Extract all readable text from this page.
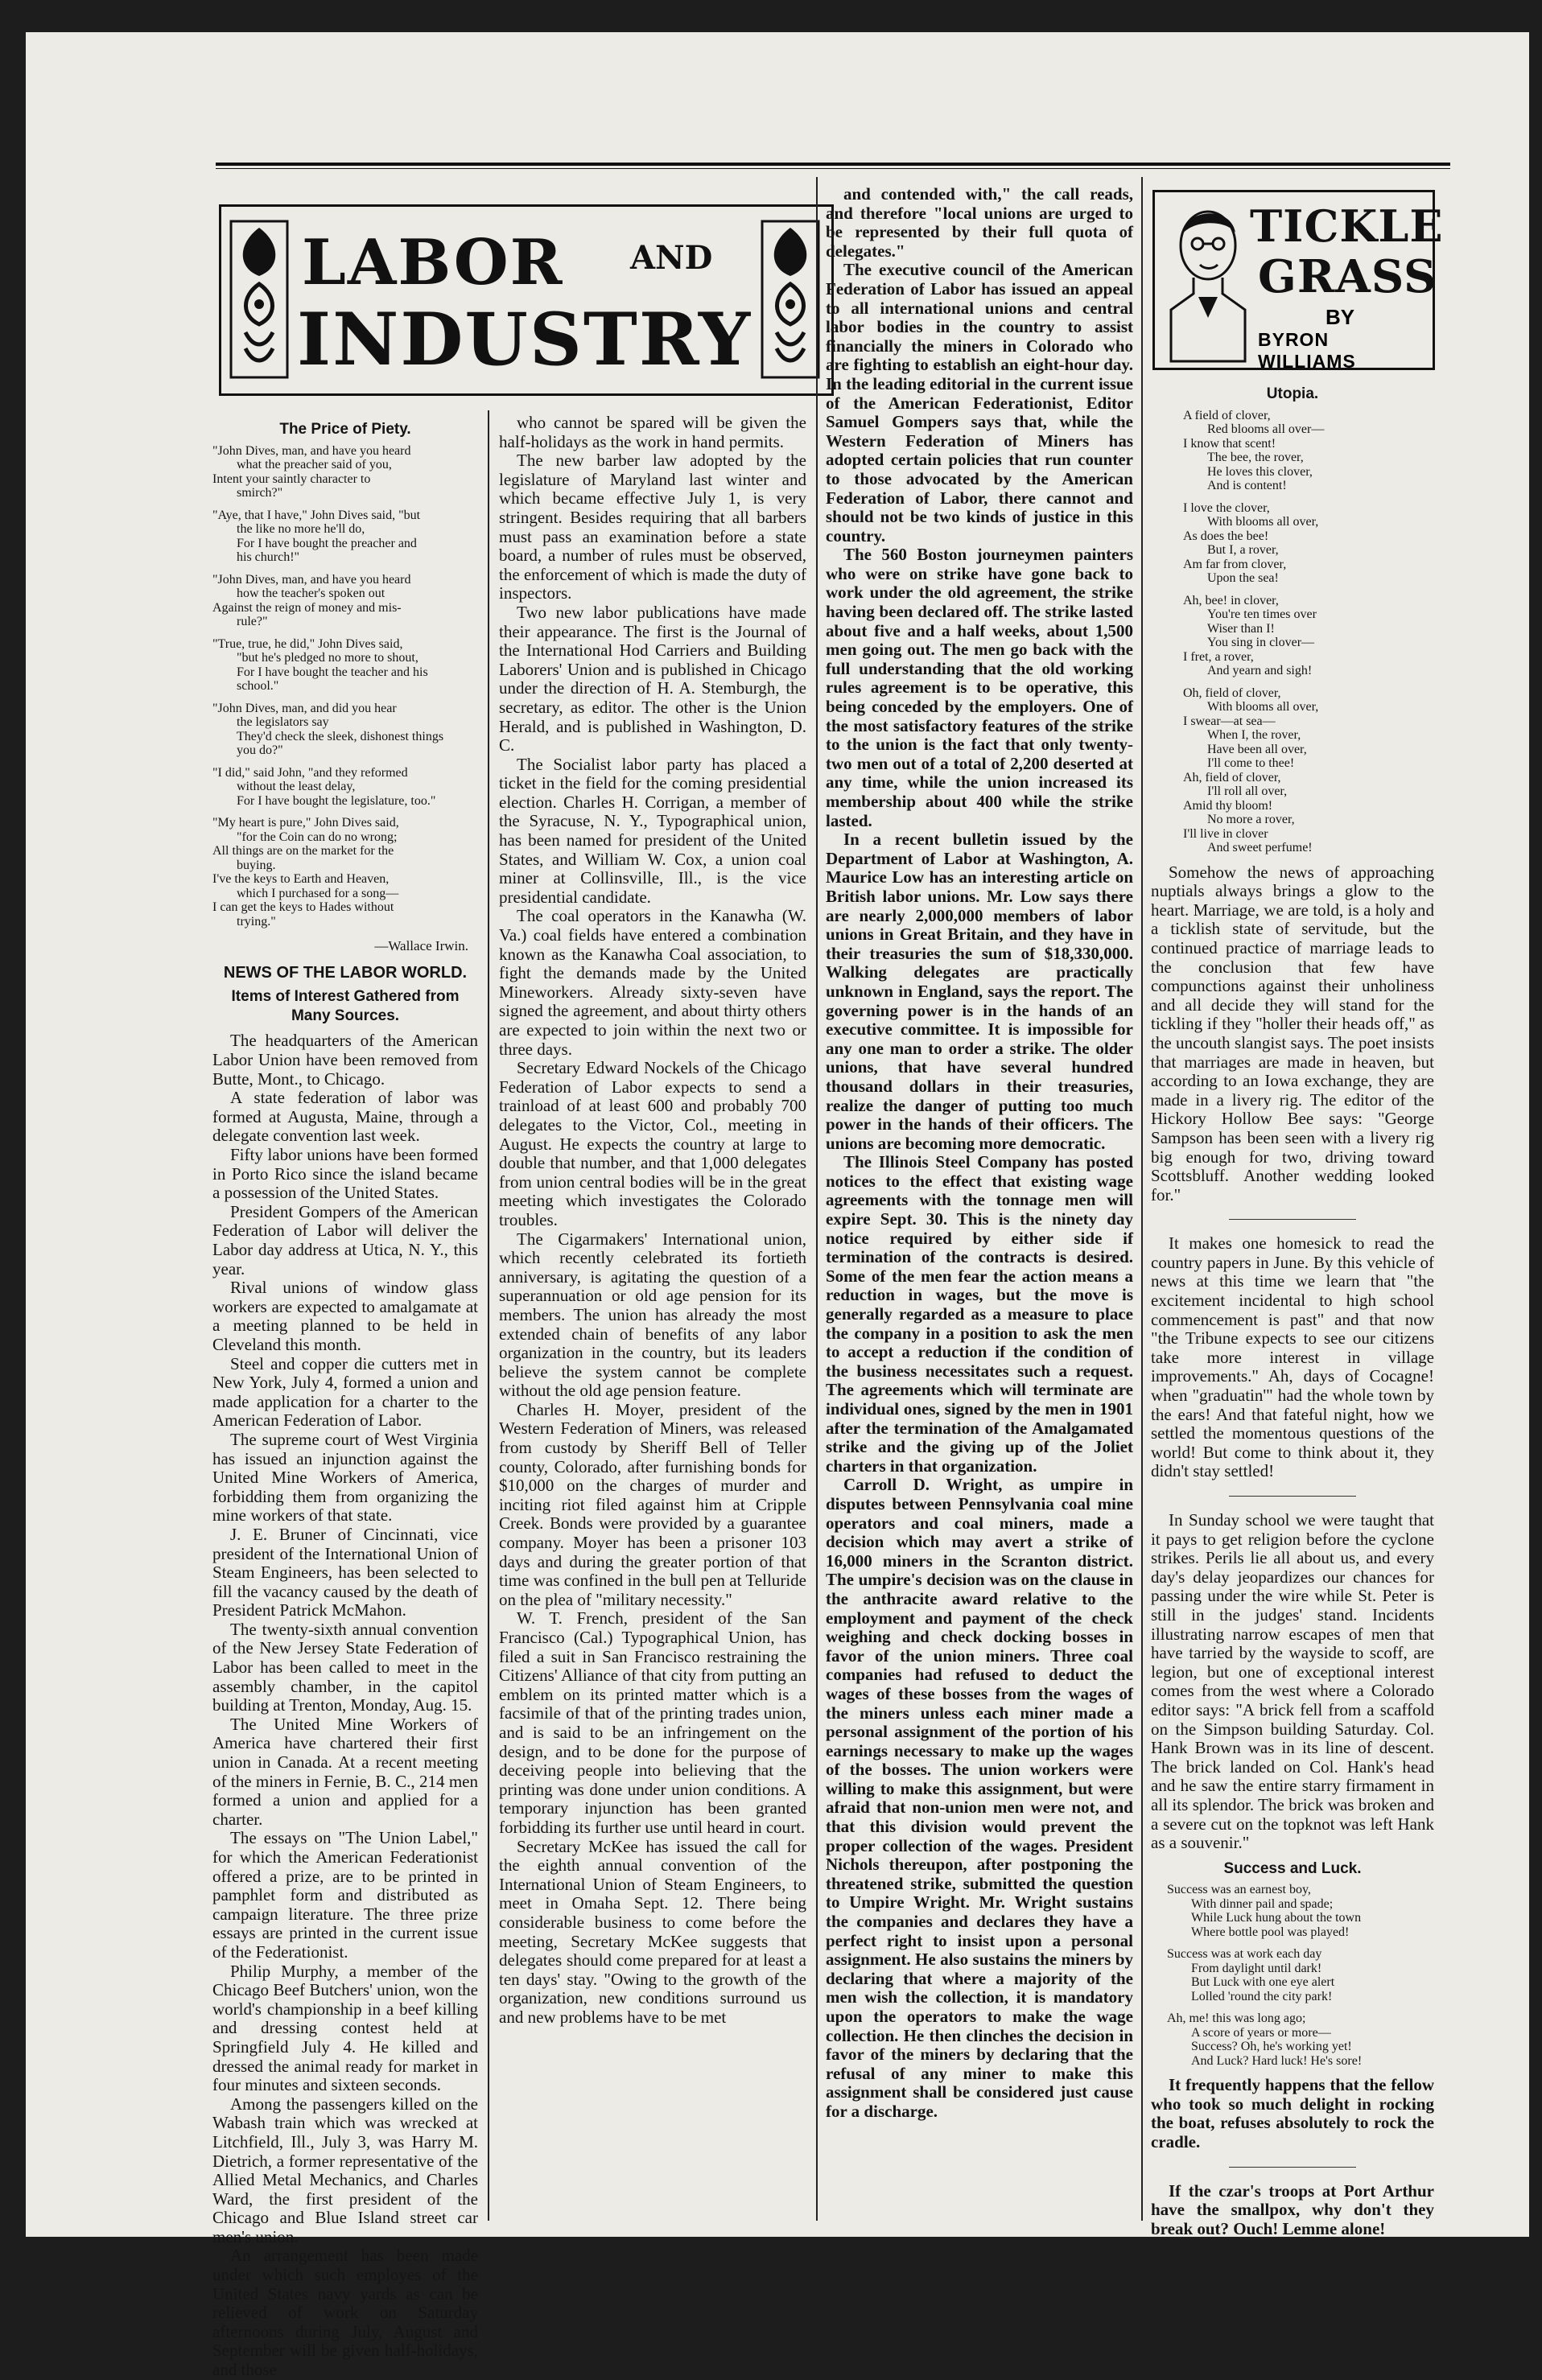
LABOR AND
INDUSTRY
TICKLE
GRASS
BY
BYRON WILLIAMS
The Price of Piety.
"John Dives, man, and have you heard
what the preacher said of you,
Intent your saintly character to
smirch?"
"Aye, that I have," John Dives said, "but
the like no more he'll do,
For I have bought the preacher and
his church!"
"John Dives, man, and have you heard
how the teacher's spoken out
Against the reign of money and mis-
rule?"
"True, true, he did," John Dives said,
"but he's pledged no more to shout,
For I have bought the teacher and his
school."
"John Dives, man, and did you hear
the legislators say
They'd check the sleek, dishonest things
you do?"
"I did," said John, "and they reformed
without the least delay,
For I have bought the legislature, too."
"My heart is pure," John Dives said,
"for the Coin can do no wrong;
All things are on the market for the
buying.
I've the keys to Earth and Heaven,
which I purchased for a song—
I can get the keys to Hades without
trying."
—Wallace Irwin.
NEWS OF THE LABOR WORLD.
Items of Interest Gathered from Many Sources.

The headquarters of the American Labor Union have been removed from Butte, Mont., to Chicago.

A state federation of labor was formed at Augusta, Maine, through a delegate convention last week.

Fifty labor unions have been formed in Porto Rico since the island became a possession of the United States.

President Gompers of the American Federation of Labor will deliver the Labor day address at Utica, N. Y., this year.

Rival unions of window glass workers are expected to amalgamate at a meeting planned to be held in Cleveland this month.

Steel and copper die cutters met in New York, July 4, formed a union and made application for a charter to the American Federation of Labor.

The supreme court of West Virginia has issued an injunction against the United Mine Workers of America, forbidding them from organizing the mine workers of that state.

J. E. Bruner of Cincinnati, vice president of the International Union of Steam Engineers, has been selected to fill the vacancy caused by the death of President Patrick McMahon.

The twenty-sixth annual convention of the New Jersey State Federation of Labor has been called to meet in the assembly chamber, in the capitol building at Trenton, Monday, Aug. 15.

The United Mine Workers of America have chartered their first union in Canada. At a recent meeting of the miners in Fernie, B. C., 214 men formed a union and applied for a charter.

The essays on "The Union Label," for which the American Federationist offered a prize, are to be printed in pamphlet form and distributed as campaign literature. The three prize essays are printed in the current issue of the Federationist.

Philip Murphy, a member of the Chicago Beef Butchers' union, won the world's championship in a beef killing and dressing contest held at Springfield July 4. He killed and dressed the animal ready for market in four minutes and sixteen seconds.

Among the passengers killed on the Wabash train which was wrecked at Litchfield, Ill., July 3, was Harry M. Dietrich, a former representative of the Allied Metal Mechanics, and Charles Ward, the first president of the Chicago and Blue Island street car men's union.

An arrangement has been made under which such employes of the United States navy yards as can be relieved of work on Saturday afternoons during July, August and September will be given half-holidays, and those

who cannot be spared will be given the half-holidays as the work in hand permits.

The new barber law adopted by the legislature of Maryland last winter and which became effective July 1, is very stringent. Besides requiring that all barbers must pass an examination before a state board, a number of rules must be observed, the enforcement of which is made the duty of inspectors.

Two new labor publications have made their appearance. The first is the Journal of the International Hod Carriers and Building Laborers' Union and is published in Chicago under the direction of H. A. Stemburgh, the secretary, as editor. The other is the Union Herald, and is published in Washington, D. C.

The Socialist labor party has placed a ticket in the field for the coming presidential election. Charles H. Corrigan, a member of the Syracuse, N. Y., Typographical union, has been named for president of the United States, and William W. Cox, a union coal miner at Collinsville, Ill., is the vice presidential candidate.

The coal operators in the Kanawha (W. Va.) coal fields have entered a combination known as the Kanawha Coal association, to fight the demands made by the United Mineworkers. Already sixty-seven have signed the agreement, and about thirty others are expected to join within the next two or three days.

Secretary Edward Nockels of the Chicago Federation of Labor expects to send a trainload of at least 600 and probably 700 delegates to the Victor, Col., meeting in August. He expects the country at large to double that number, and that 1,000 delegates from union central bodies will be in the great meeting which investigates the Colorado troubles.

The Cigarmakers' International union, which recently celebrated its fortieth anniversary, is agitating the question of a superannuation or old age pension for its members. The union has already the most extended chain of benefits of any labor organization in the country, but its leaders believe the system cannot be complete without the old age pension feature.

Charles H. Moyer, president of the Western Federation of Miners, was released from custody by Sheriff Bell of Teller county, Colorado, after furnishing bonds for $10,000 on the charges of murder and inciting riot filed against him at Cripple Creek. Bonds were provided by a guarantee company. Moyer has been a prisoner 103 days and during the greater portion of that time was confined in the bull pen at Telluride on the plea of "military necessity."

W. T. French, president of the San Francisco (Cal.) Typographical Union, has filed a suit in San Francisco restraining the Citizens' Alliance of that city from putting an emblem on its printed matter which is a facsimile of that of the printing trades union, and is said to be an infringement on the design, and to be done for the purpose of deceiving people into believing that the printing was done under union conditions. A temporary injunction has been granted forbidding its further use until heard in court.

Secretary McKee has issued the call for the eighth annual convention of the International Union of Steam Engineers, to meet in Omaha Sept. 12. There being considerable business to come before the meeting, Secretary McKee suggests that delegates should come prepared for at least a ten days' stay. "Owing to the growth of the organization, new conditions surround us and new problems have to be met

and contended with," the call reads, and therefore "local unions are urged to be represented by their full quota of delegates."

The executive council of the American Federation of Labor has issued an appeal to all international unions and central labor bodies in the country to assist financially the miners in Colorado who are fighting to establish an eight-hour day. In the leading editorial in the current issue of the American Federationist, Editor Samuel Gompers says that, while the Western Federation of Miners has adopted certain policies that run counter to those advocated by the American Federation of Labor, there cannot and should not be two kinds of justice in this country.

The 560 Boston journeymen painters who were on strike have gone back to work under the old agreement, the strike having been declared off. The strike lasted about five and a half weeks, about 1,500 men going out. The men go back with the full understanding that the old working rules agreement is to be operative, this being conceded by the employers. One of the most satisfactory features of the strike to the union is the fact that only twenty-two men out of a total of 2,200 deserted at any time, while the union increased its membership about 400 while the strike lasted.

In a recent bulletin issued by the Department of Labor at Washington, A. Maurice Low has an interesting article on British labor unions. Mr. Low says there are nearly 2,000,000 members of labor unions in Great Britain, and they have in their treasuries the sum of $18,330,000. Walking delegates are practically unknown in England, says the report. The governing power is in the hands of an executive committee. It is impossible for any one man to order a strike. The older unions, that have several hundred thousand dollars in their treasuries, realize the danger of putting too much power in the hands of their officers. The unions are becoming more democratic.

The Illinois Steel Company has posted notices to the effect that existing wage agreements with the tonnage men will expire Sept. 30. This is the ninety day notice required by either side if termination of the contracts is desired. Some of the men fear the action means a reduction in wages, but the move is generally regarded as a measure to place the company in a position to ask the men to accept a reduction if the condition of the business necessitates such a request. The agreements which will terminate are individual ones, signed by the men in 1901 after the termination of the Amalgamated strike and the giving up of the Joliet charters in that organization.

Carroll D. Wright, as umpire in disputes between Pennsylvania coal mine operators and coal miners, made a decision which may avert a strike of 16,000 miners in the Scranton district. The umpire's decision was on the clause in the anthracite award relative to the employment and payment of the check weighing and check docking bosses in favor of the union miners. Three coal companies had refused to deduct the wages of these bosses from the wages of the miners unless each miner made a personal assignment of the portion of his earnings necessary to make up the wages of the bosses. The union workers were willing to make this assignment, but were afraid that non-union men were not, and that this division would prevent the proper collection of the wages. President Nichols thereupon, after postponing the threatened strike, submitted the question to Umpire Wright. Mr. Wright sustains the companies and declares they have a perfect right to insist upon a personal assignment. He also sustains the miners by declaring that where a majority of the men wish the collection, it is mandatory upon the operators to make the wage collection. He then clinches the decision in favor of the miners by declaring that the refusal of any miner to make this assignment shall be considered just cause for a discharge.

Utopia.
A field of clover,
Red blooms all over—
I know that scent!
The bee, the rover,
He loves this clover,
And is content!
I love the clover,
With blooms all over,
As does the bee!
But I, a rover,
Am far from clover,
Upon the sea!
Ah, bee! in clover,
You're ten times over
Wiser than I!
You sing in clover—
I fret, a rover,
And yearn and sigh!
Oh, field of clover,
With blooms all over,
I swear—at sea—
When I, the rover,
Have been all over,
I'll come to thee!
Ah, field of clover,
I'll roll all over,
Amid thy bloom!
No more a rover,
I'll live in clover
And sweet perfume!

Somehow the news of approaching nuptials always brings a glow to the heart. Marriage, we are told, is a holy and a ticklish state of servitude, but the continued practice of marriage leads to the conclusion that few have compunctions against their unholiness and all decide they will stand for the tickling if they "holler their heads off," as the uncouth slangist says. The poet insists that marriages are made in heaven, but according to an Iowa exchange, they are made in a livery rig. The editor of the Hickory Hollow Bee says: "George Sampson has been seen with a livery rig big enough for two, driving toward Scottsbluff. Another wedding looked for."

It makes one homesick to read the country papers in June. By this vehicle of news at this time we learn that "the excitement incidental to high school commencement is past" and that now "the Tribune expects to see our citizens take more interest in village improvements." Ah, days of Cocagne! when "graduatin'" had the whole town by the ears! And that fateful night, how we settled the momentous questions of the world! But come to think about it, they didn't stay settled!

In Sunday school we were taught that it pays to get religion before the cyclone strikes. Perils lie all about us, and every day's delay jeopardizes our chances for passing under the wire while St. Peter is still in the judges' stand. Incidents illustrating narrow escapes of men that have tarried by the wayside to scoff, are legion, but one of exceptional interest comes from the west where a Colorado editor says: "A brick fell from a scaffold on the Simpson building Saturday. Col. Hank Brown was in its line of descent. The brick landed on Col. Hank's head and he saw the entire starry firmament in all its splendor. The brick was broken and a severe cut on the topknot was left Hank as a souvenir."

Success and Luck.
Success was an earnest boy,
With dinner pail and spade;
While Luck hung about the town
Where bottle pool was played!
Success was at work each day
From daylight until dark!
But Luck with one eye alert
Lolled 'round the city park!
Ah, me! this was long ago;
A score of years or more—
Success? Oh, he's working yet!
And Luck? Hard luck! He's sore!

It frequently happens that the fellow who took so much delight in rocking the boat, refuses absolutely to rock the cradle.

If the czar's troops at Port Arthur have the smallpox, why don't they break out? Ouch! Lemme alone!
